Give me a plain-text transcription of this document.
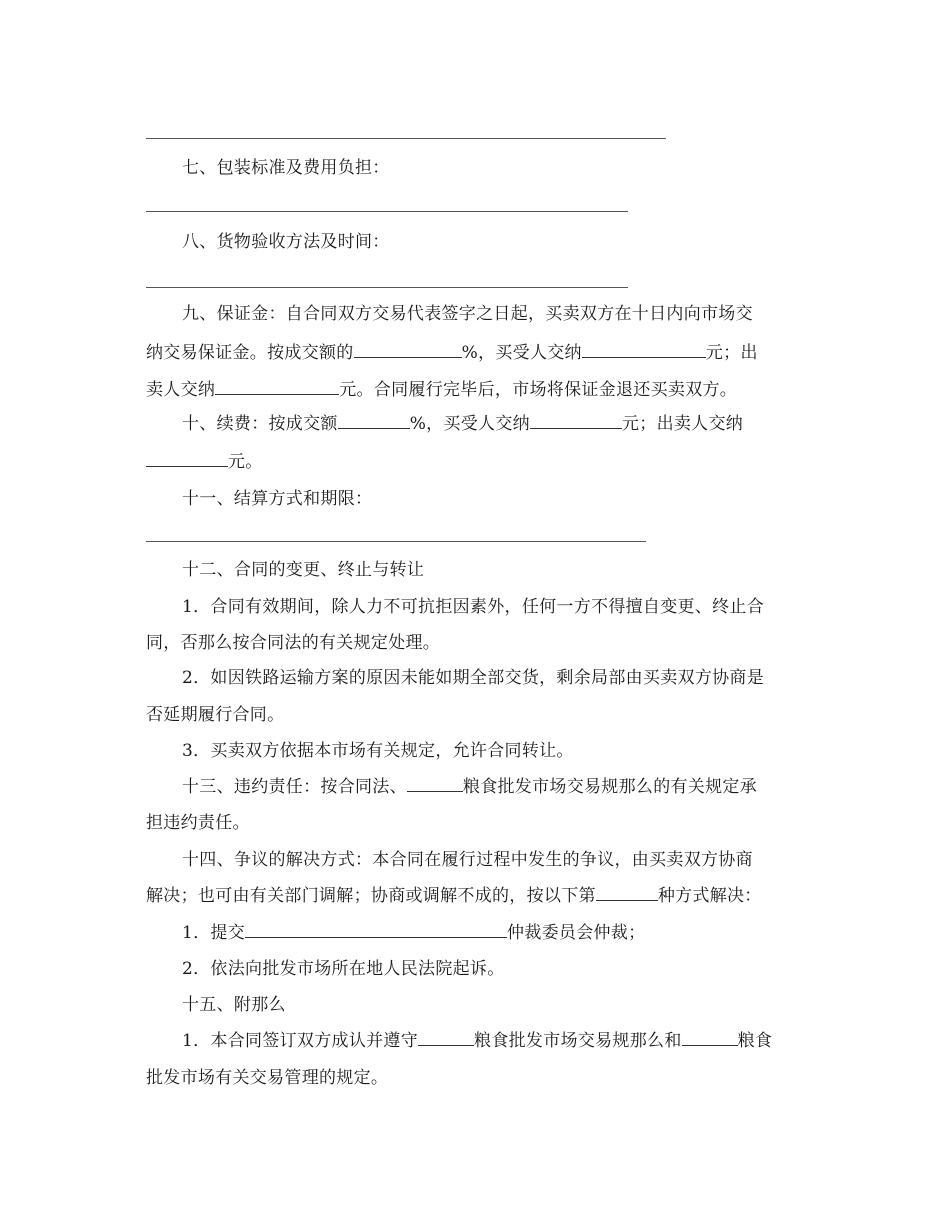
七、包装标准及费用负担：
八、货物验收方法及时间：
九、保证金：自合同双方交易代表签字之日起，买卖双方在十日内向市场交
纳交易保证金。按成交额的	%，买受人交纳	元；出
卖人交纳	元。合同履行完毕后，市场将保证金退还买卖双方。
十、续费：按成交额	%，买受人交纳	元；出卖人交纳
元。
十一、结算方式和期限：
十二、合同的变更、终止与转让
1．合同有效期间，除人力不可抗拒因素外，任何一方不得擅自变更、终止合
同，否那么按合同法的有关规定处理。
2．如因铁路运输方案的原因未能如期全部交货，剩余局部由买卖双方协商是
否延期履行合同。
3．买卖双方依据本市场有关规定，允许合同转让。
十三、违约责任：按合同法、	粮食批发市场交易规那么的有关规定承
担违约责任。
十四、争议的解决方式：本合同在履行过程中发生的争议，由买卖双方协商
解决；也可由有关部门调解；协商或调解不成的，按以下第	种方式解决：
1．提交	仲裁委员会仲裁；
2．依法向批发市场所在地人民法院起诉。
十五、附那么
1．本合同签订双方成认并遵守	粮食批发市场交易规那么和	粮食
批发市场有关交易管理的规定。
